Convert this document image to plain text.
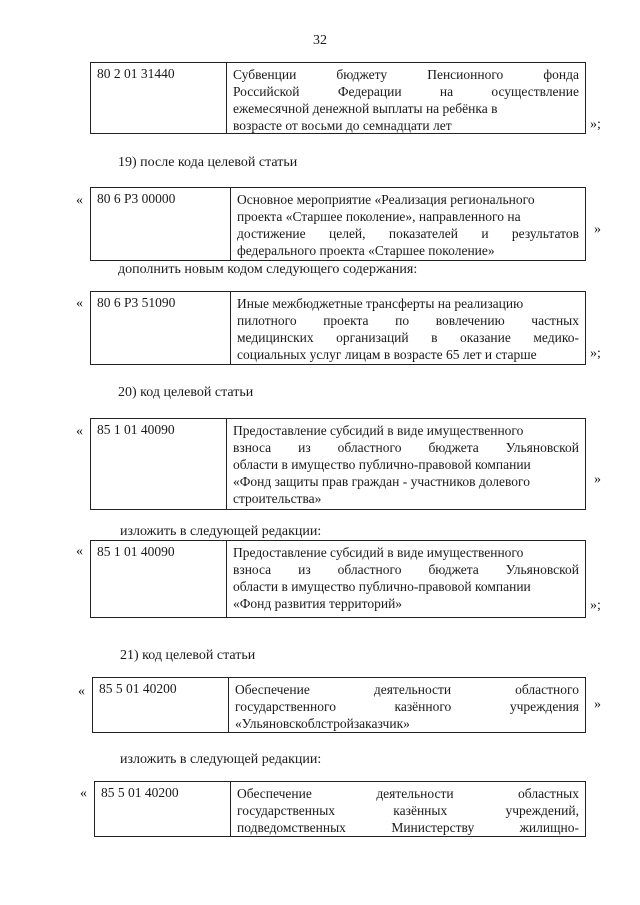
32
80 2 01 31440	Субвенции	бюджету	Пенсионного	фонда
Российской	Федерации	на	осуществление
ежемесячной денежной выплаты на ребёнка в
возрасте от восьми до семнадцати лет	»;
19) после кода целевой статьи
«	80 6 P3 00000	Основное мероприятие «Реализация регионального
проекта «Старшее поколение», направленного на
достижение целей, показателей и результатов
федерального проекта «Старшее поколение»
»
дополнить новым кодом следующего содержания:
«	80 6 P3 51090	Иные межбюджетные трансферты на реализацию
пилотного проекта по вовлечению частных
медицинских организаций в оказание медико-
социальных услуг лицам в возрасте 65 лет и старше	»;
20) код целевой статьи
«	85 1 01 40090	Предоставление субсидий в виде имущественного
взноса из областного бюджета Ульяновской
области в имущество публично-правовой компании
«Фонд защиты прав граждан - участников долевого
строительства»
»
изложить в следующей редакции:
«	85 1 01 40090	Предоставление субсидий в виде имущественного
взноса из областного бюджета Ульяновской
области в имущество публично-правовой компании
«Фонд развития территорий»	»;
21) код целевой статьи
«	85 5 01 40200	Обеспечение	деятельности	областного
государственного	казённого	учреждения
«Ульяновскоблстройзаказчик»
»
изложить в следующей редакции:
«	85 5 01 40200	Обеспечение	деятельности	областных
государственных	казённых	учреждений,
подведомственных	Министерству	жилищно-
